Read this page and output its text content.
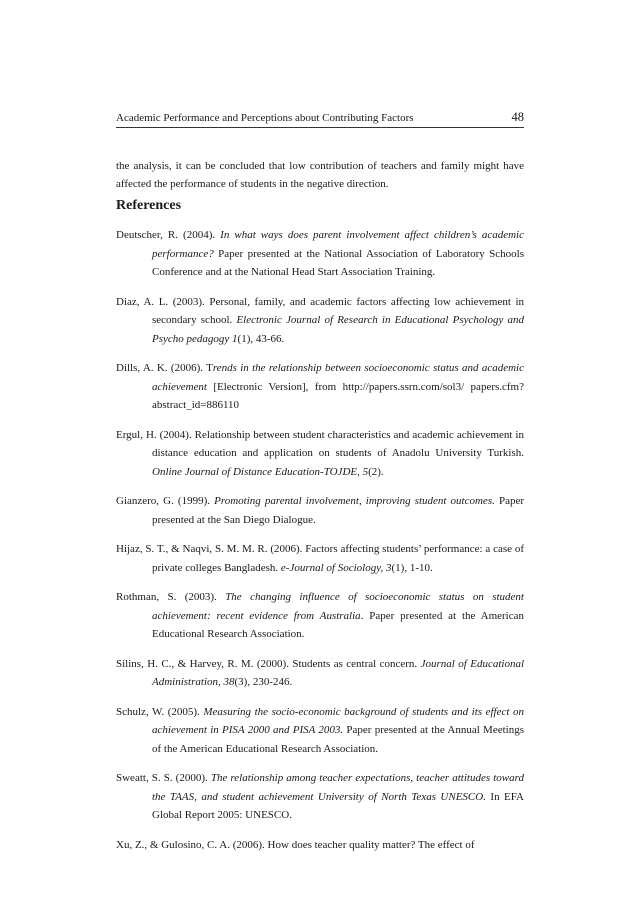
Academic Performance and Perceptions about Contributing Factors	48

the analysis, it can be concluded that low contribution of teachers and family might have affected the performance of students in the negative direction.

References
Deutscher, R. (2004). In what ways does parent involvement affect children’s academic performance? Paper presented at the National Association of Laboratory Schools Conference and at the National Head Start Association Training.
Diaz, A. L. (2003). Personal, family, and academic factors affecting low achievement in secondary school. Electronic Journal of Research in Educational Psychology and Psycho pedagogy 1(1), 43-66.
Dills, A. K. (2006). Trends in the relationship between socioeconomic status and academic achievement [Electronic Version], from http://papers.ssrn.com/sol3/ papers.cfm? abstract_id=886110
Ergul, H. (2004). Relationship between student characteristics and academic achievement in distance education and application on students of Anadolu University Turkish. Online Journal of Distance Education-TOJDE, 5(2).
Gianzero, G. (1999). Promoting parental involvement, improving student outcomes. Paper presented at the San Diego Dialogue.
Hijaz, S. T., & Naqvi, S. M. M. R. (2006). Factors affecting students’ performance: a case of private colleges Bangladesh. e-Journal of Sociology, 3(1), 1-10.
Rothman, S. (2003). The changing influence of socioeconomic status on student achievement: recent evidence from Australia. Paper presented at the American Educational Research Association.
Silins, H. C., & Harvey, R. M. (2000). Students as central concern. Journal of Educational Administration, 38(3), 230-246.
Schulz, W. (2005). Measuring the socio-economic background of students and its effect on achievement in PISA 2000 and PISA 2003. Paper presented at the Annual Meetings of the American Educational Research Association.
Sweatt, S. S. (2000). The relationship among teacher expectations, teacher attitudes toward the TAAS, and student achievement University of North Texas UNESCO. In EFA Global Report 2005: UNESCO.
Xu, Z., & Gulosino, C. A. (2006). How does teacher quality matter? The effect of
